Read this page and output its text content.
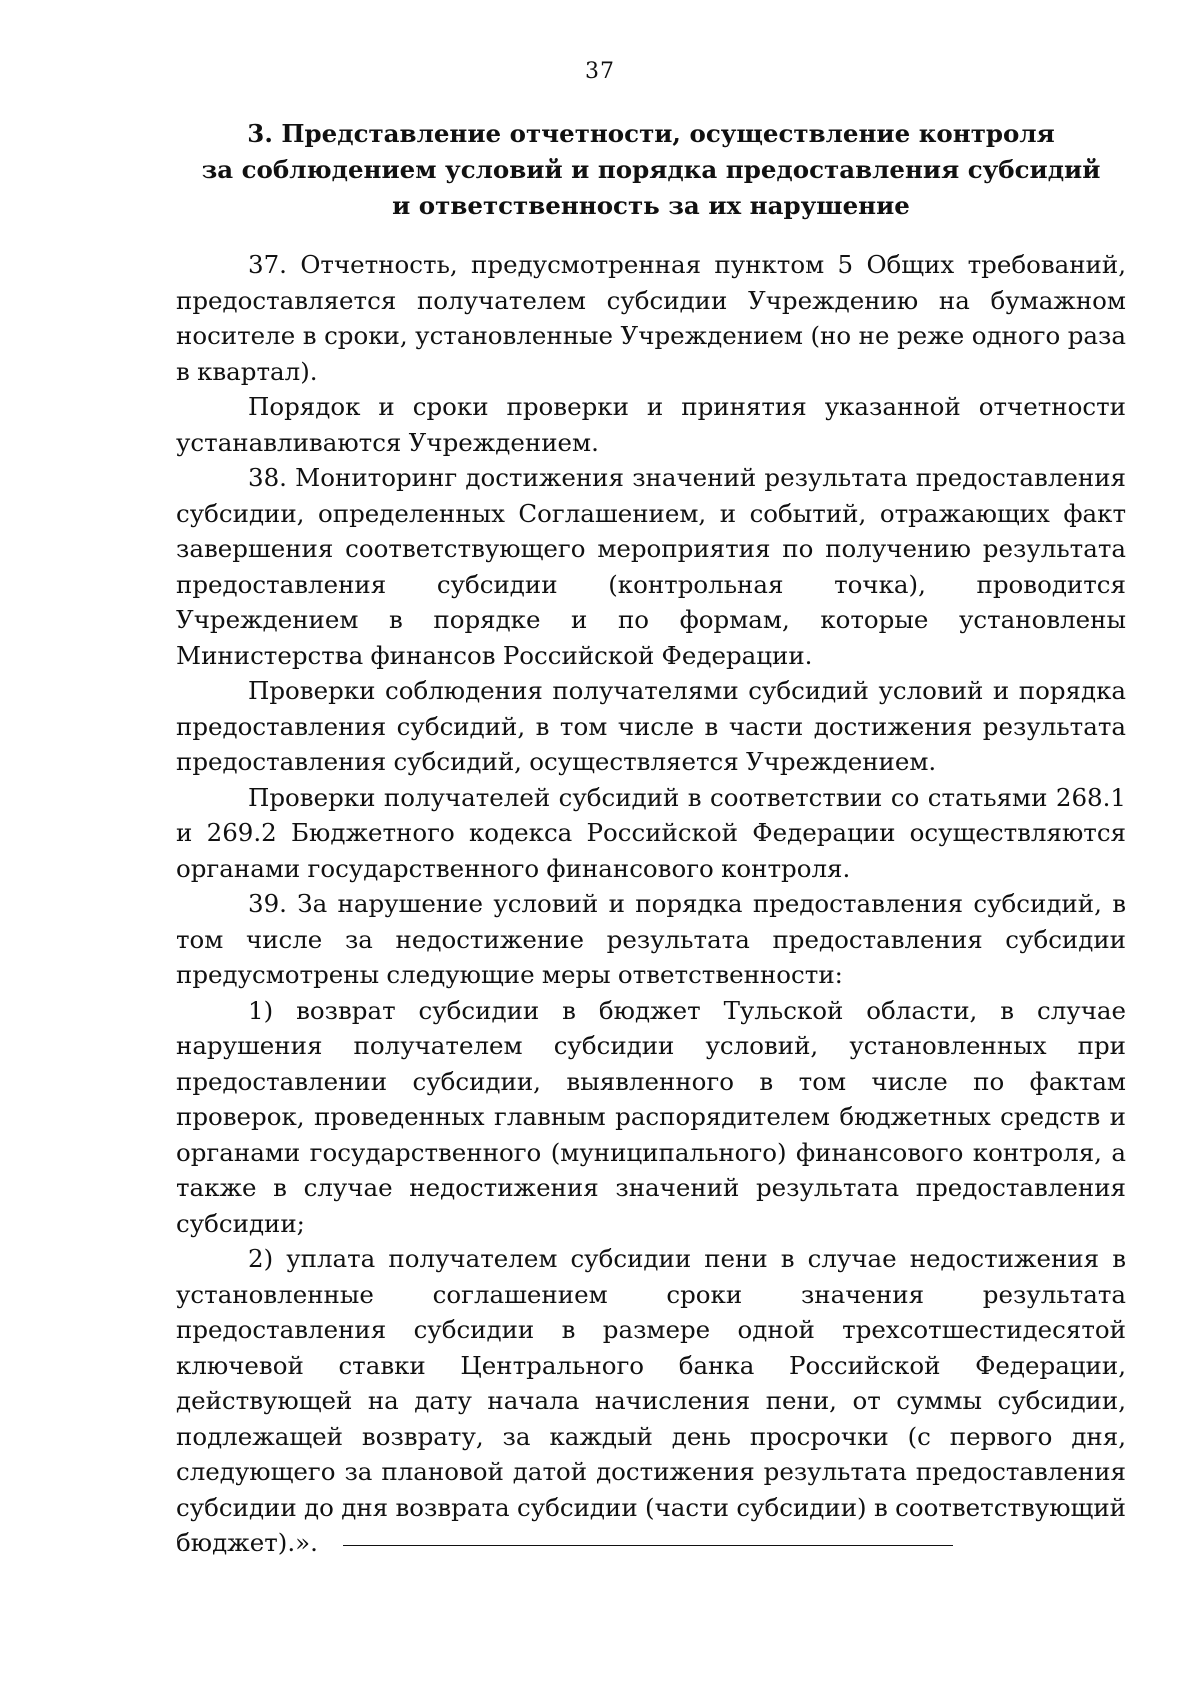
37
3. Представление отчетности, осуществление контроля
за соблюдением условий и порядка предоставления субсидий
и ответственность за их нарушение

37. Отчетность, предусмотренная пунктом 5 Общих требований, предоставляется получателем субсидии Учреждению на бумажном носителе в сроки, установленные Учреждением (но не реже одного раза в квартал).

Порядок и сроки проверки и принятия указанной отчетности устанавливаются Учреждением.

38. Мониторинг достижения значений результата предоставления субсидии, определенных Соглашением, и событий, отражающих факт завершения соответствующего мероприятия по получению результата предоставления субсидии (контрольная точка), проводится Учреждением в порядке и по формам, которые установлены Министерства финансов Российской Федерации.

Проверки соблюдения получателями субсидий условий и порядка предоставления субсидий, в том числе в части достижения результата предоставления субсидий, осуществляется Учреждением.

Проверки получателей субсидий в соответствии со статьями 268.1 и 269.2 Бюджетного кодекса Российской Федерации осуществляются органами государственного финансового контроля.

39. За нарушение условий и порядка предоставления субсидий, в том числе за недостижение результата предоставления субсидии предусмотрены следующие меры ответственности:

1) возврат субсидии в бюджет Тульской области, в случае нарушения получателем субсидии условий, установленных при предоставлении субсидии, выявленного в том числе по фактам проверок, проведенных главным распорядителем бюджетных средств и органами государственного (муниципального) финансового контроля, а также в случае недостижения значений результата предоставления субсидии;

2) уплата получателем субсидии пени в случае недостижения в установленные соглашением сроки значения результата предоставления субсидии в размере одной трехсотшестидесятой ключевой ставки Центрального банка Российской Федерации, действующей на дату начала начисления пени, от суммы субсидии, подлежащей возврату, за каждый день просрочки (с первого дня, следующего за плановой датой достижения результата предоставления субсидии до дня возврата субсидии (части субсидии) в соответствующий бюджет).».
